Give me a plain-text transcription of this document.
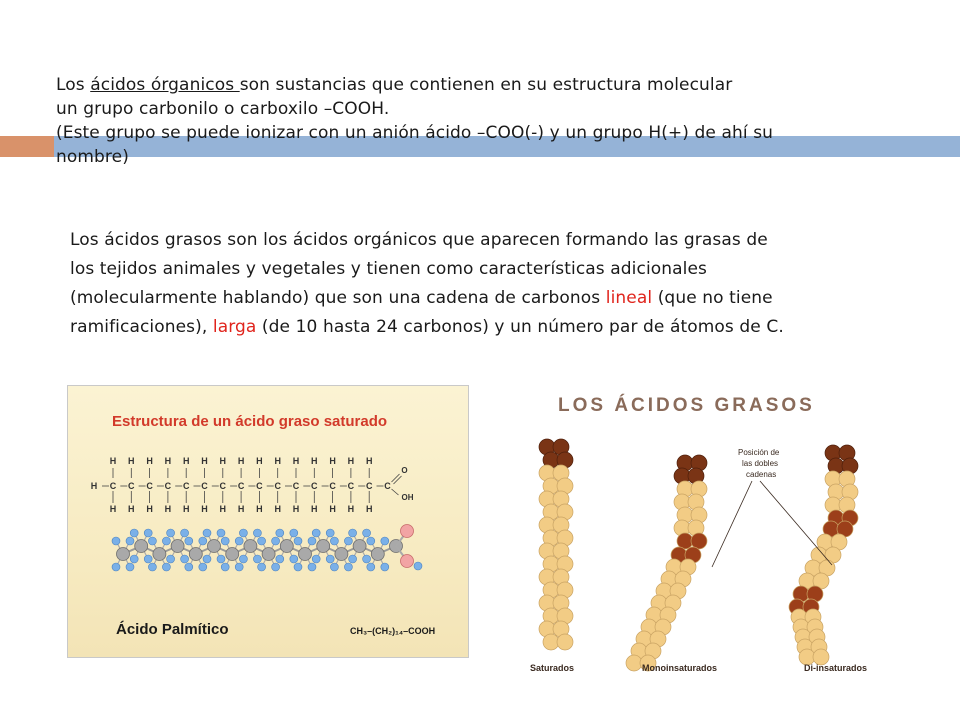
Los ácidos órganicos son sustancias que contienen en su estructura molecular
un grupo carbonilo o carboxilo –COOH.
(Este grupo se puede ionizar con un anión ácido –COO(-) y un grupo H(+) de ahí su
nombre)
Los ácidos grasos son los ácidos orgánicos que aparecen formando las grasas de
los tejidos animales y vegetales y tienen como características adicionales
(molecularmente hablando) que son una cadena de carbonos lineal (que no tiene
ramificaciones), larga (de 10 hasta 24 carbonos) y un número par de átomos de C.
Estructura de un ácido graso saturado
H C
H
H
C
H
H
C
H
H
C
H
H
C
H
H
C
H
H
C
H
H
C
H
H
C
H
H
C
H
H
C
H
H
C
H
H
C
H
H
C
H
H
C
H
H
C
O
OH
Ácido Palmítico	CH₃–(CH₂)₁₄–COOH
LOS ÁCIDOS GRASOS
Posición de
las dobles
cadenas
Saturados	Monoinsaturados	Di-insaturados
